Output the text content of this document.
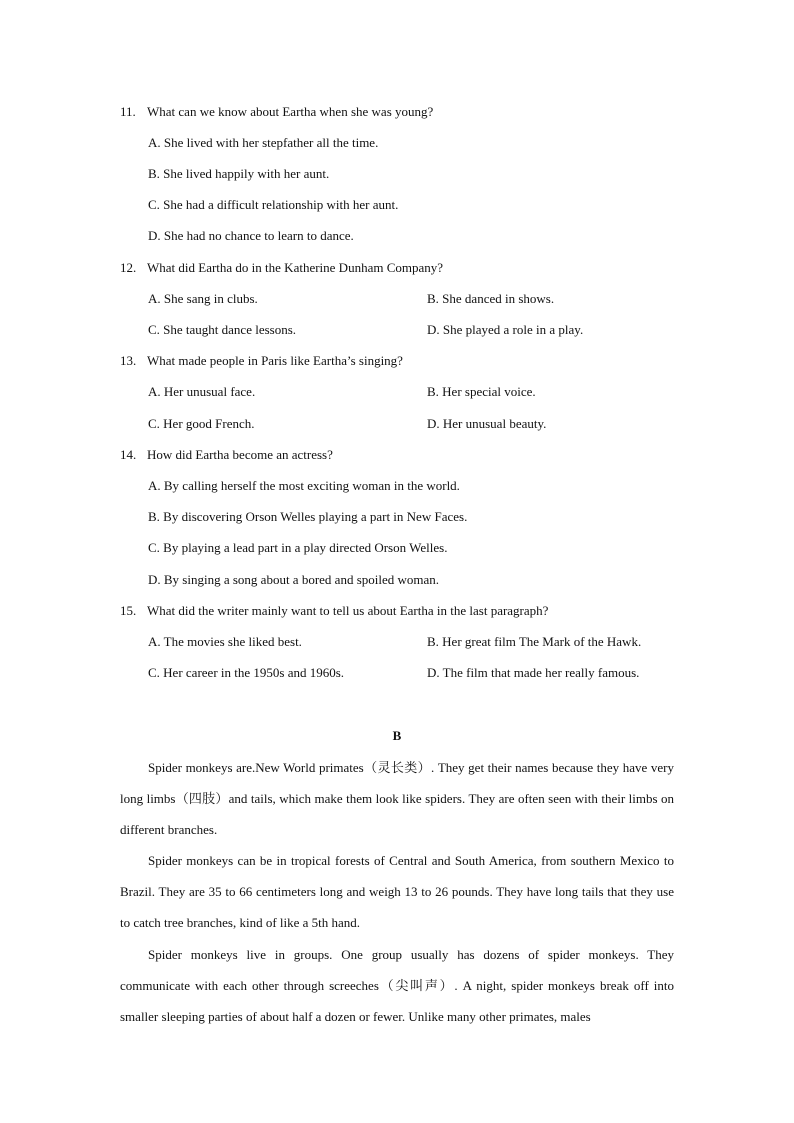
11. What can we know about Eartha when she was young?
A. She lived with her stepfather all the time.
B. She lived happily with her aunt.
C. She had a difficult relationship with her aunt.
D. She had no chance to learn to dance.
12. What did Eartha do in the Katherine Dunham Company?
A. She sang in clubs.	B. She danced in shows.
C. She taught dance lessons.	D. She played a role in a play.
13. What made people in Paris like Eartha’s singing?
A. Her unusual face.	B. Her special voice.
C. Her good French.	D. Her unusual beauty.
14. How did Eartha become an actress?
A. By calling herself the most exciting woman in the world.
B. By discovering Orson Welles playing a part in New Faces.
C. By playing a lead part in a play directed Orson Welles.
D. By singing a song about a bored and spoiled woman.
15. What did the writer mainly want to tell us about Eartha in the last paragraph?
A. The movies she liked best.	B. Her great film The Mark of the Hawk.
C. Her career in the 1950s and 1960s.	D. The film that made her really famous.
B

Spider monkeys are.New World primates（灵长类）. They get their names because they have very long limbs（四肢）and tails, which make them look like spiders. They are often seen with their limbs on different branches.

Spider monkeys can be in tropical forests of Central and South America, from southern Mexico to Brazil. They are 35 to 66 centimeters long and weigh 13 to 26 pounds. They have long tails that they use to catch tree branches, kind of like a 5th hand.

Spider monkeys live in groups. One group usually has dozens of spider monkeys. They communicate with each other through screeches（尖叫声）. A night, spider monkeys break off into smaller sleeping parties of about half a dozen or fewer. Unlike many other primates, males
